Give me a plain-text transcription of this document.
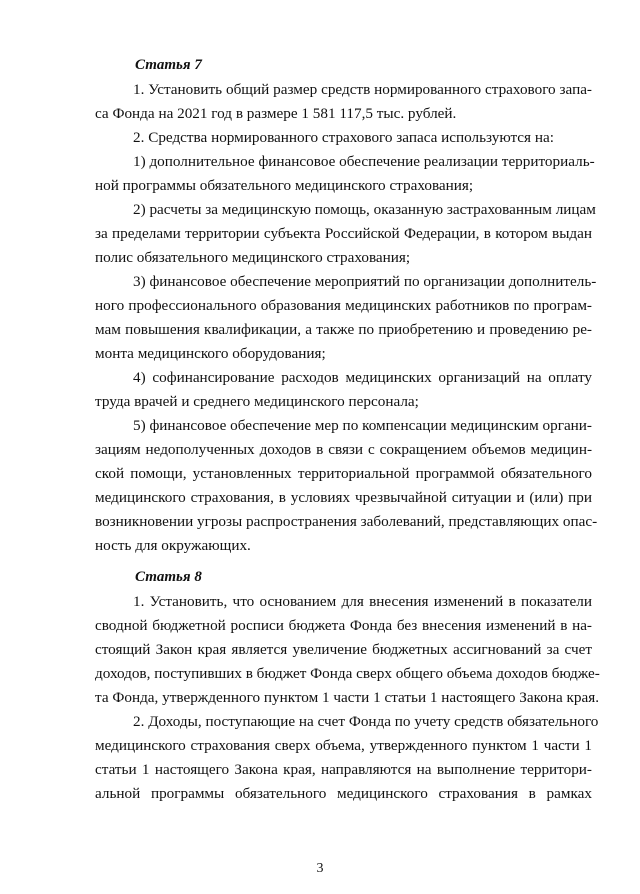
Статья 7
1. Установить общий размер средств нормированного страхового запа-
са Фонда на 2021 год в размере 1 581 117,5 тыс. рублей.
2. Средства нормированного страхового запаса используются на:
1) дополнительное финансовое обеспечение реализации территориаль-
ной программы обязательного медицинского страхования;
2) расчеты за медицинскую помощь, оказанную застрахованным лицам
за пределами территории субъекта Российской Федерации, в котором выдан
полис обязательного медицинского страхования;
3) финансовое обеспечение мероприятий по организации дополнитель-
ного профессионального образования медицинских работников по програм-
мам повышения квалификации, а также по приобретению и проведению ре-
монта медицинского оборудования;
4) софинансирование расходов медицинских организаций на оплату
труда врачей и среднего медицинского персонала;
5) финансовое обеспечение мер по компенсации медицинским органи-
зациям недополученных доходов в связи с сокращением объемов медицин-
ской помощи, установленных территориальной программой обязательного
медицинского страхования, в условиях чрезвычайной ситуации и (или) при
возникновении угрозы распространения заболеваний, представляющих опас-
ность для окружающих.
Статья 8
1. Установить, что основанием для внесения изменений в показатели
сводной бюджетной росписи бюджета Фонда без внесения изменений в на-
стоящий Закон края является увеличение бюджетных ассигнований за счет
доходов, поступивших в бюджет Фонда сверх общего объема доходов бюдже-
та Фонда, утвержденного пунктом 1 части 1 статьи 1 настоящего Закона края.
2. Доходы, поступающие на счет Фонда по учету средств обязательного
медицинского страхования сверх объема, утвержденного пунктом 1 части 1
статьи 1 настоящего Закона края, направляются на выполнение территори-
альной программы обязательного медицинского страхования в рамках
3
